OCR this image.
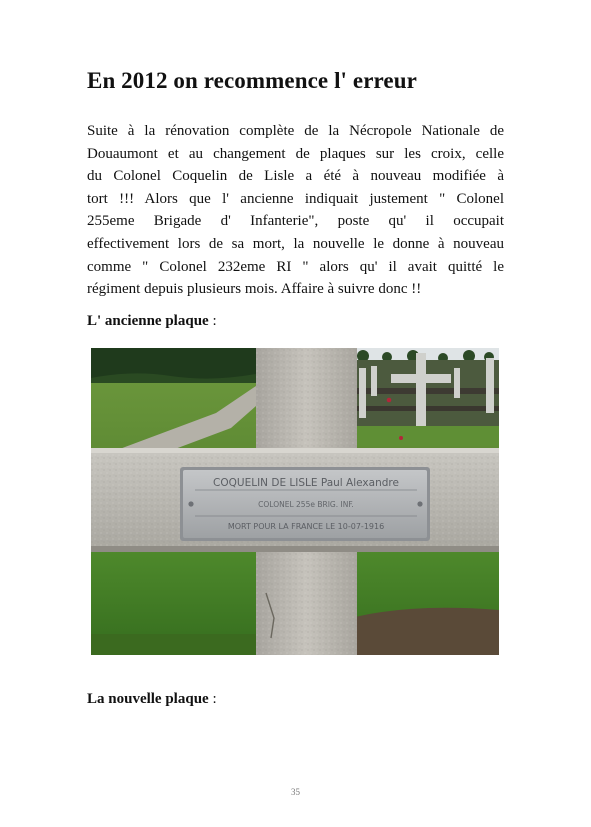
En 2012 on recommence l' erreur
Suite à la rénovation complète de la Nécropole Nationale de
Douaumont et au changement de plaques sur les croix, celle
du Colonel Coquelin de Lisle a été à nouveau modifiée à
tort !!! Alors que l' ancienne indiquait justement " Colonel
255eme Brigade d' Infanterie", poste qu' il occupait
effectivement lors de sa mort, la nouvelle le donne à nouveau
comme " Colonel 232eme RI " alors qu' il avait quitté le
régiment depuis plusieurs mois. Affaire à suivre donc !!
L' ancienne plaque :
COQUELIN DE LISLE Paul Alexandre
COLONEL 255e BRIG. INF.
MORT POUR LA FRANCE LE 10-07-1916
La nouvelle plaque :
35
